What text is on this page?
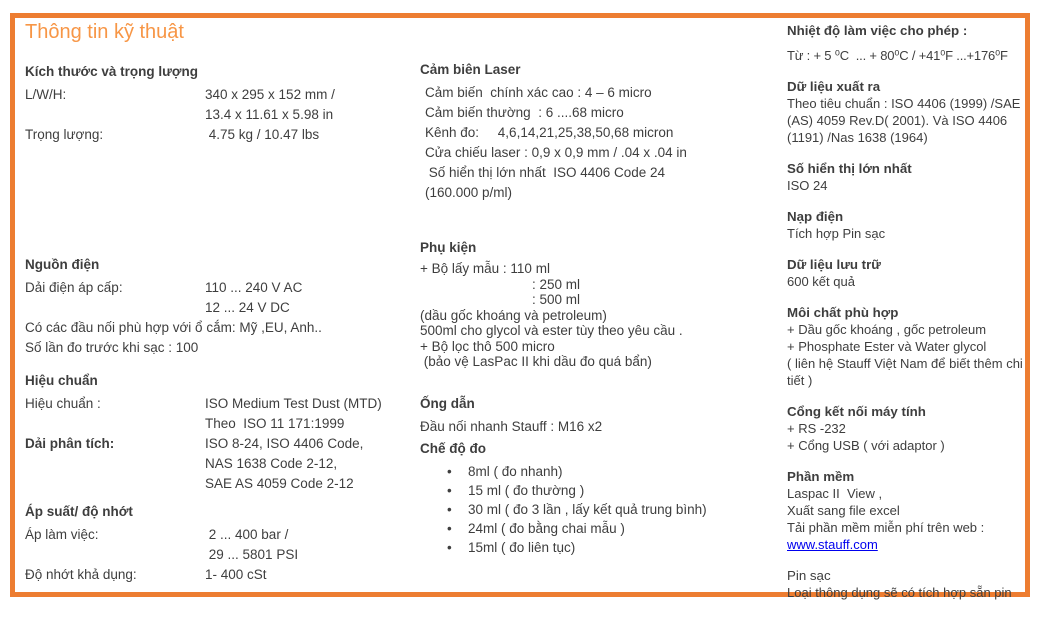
Thông tin kỹ thuật
Kích thước và trọng lượng
L/W/H:	340 x 295 x 152 mm /
13.4 x 11.61 x 5.98 in
Trọng lượng:	4.75 kg / 10.47 lbs
Nguồn điện
Dải điện áp cấp:	110 ... 240 V AC
12 ... 24 V DC
Có các đầu nối phù hợp với ổ cắm: Mỹ ,EU, Anh..
Số lần đo trước khi sạc : 100
Hiệu chuẩn
Hiệu chuẩn :	ISO Medium Test Dust (MTD)
Theo  ISO 11 171:1999
Dải phân tích:	ISO 8-24, ISO 4406 Code,
NAS 1638 Code 2-12,
SAE AS 4059 Code 2-12
Áp suất/ độ nhớt
Áp làm việc:	2 ... 400 bar /
29 ... 5801 PSI
Độ nhớt khả dụng:	1- 400 cSt
Cảm biên Laser
Cảm biến  chính xác cao : 4 – 6 micro
Cảm biến thường  : 6 ....68 micro
Kênh đo:     4,6,14,21,25,38,50,68 micron
Cửa chiếu laser : 0,9 x 0,9 mm / .04 x .04 in
Số hiển thị lớn nhất  ISO 4406 Code 24
(160.000 p/ml)
Phụ kiện
+ Bộ lấy mẫu : 110 ml
: 250 ml
: 500 ml
(dầu gốc khoáng và petroleum)
500ml cho glycol và ester tùy theo yêu cầu .
+ Bộ lọc thô 500 micro
(bảo vệ LasPac II khi dầu đo quá bẩn)
Ống dẫn
Đầu nối nhanh Stauff : M16 x2
Chế độ đo
• 8ml ( đo nhanh)
• 15 ml ( đo thường )
• 30 ml ( đo 3 lần , lấy kết quả trung bình)
• 24ml ( đo bằng chai mẫu )
• 15ml ( đo liên tục)
Nhiệt độ làm việc cho phép :
Từ : + 5 ⁰C  ... + 80⁰C / +41⁰F ...+176⁰F
Dữ liệu xuất ra
Theo tiêu chuẩn : ISO 4406 (1999) /SAE (AS) 4059 Rev.D( 2001). Và ISO 4406 (1191) /Nas 1638 (1964)
Số hiển thị lớn nhất
ISO 24
Nạp điện
Tích hợp Pin sạc
Dữ liệu lưu trữ
600 kết quả
Môi chất phù hợp
+ Dầu gốc khoáng , gốc petroleum
+ Phosphate Ester và Water glycol
( liên hệ Stauff Việt Nam để biết thêm chi tiết )
Cổng kết nối máy tính
+ RS -232
+ Cổng USB ( với adaptor )
Phần mềm
Laspac II  View ,
Xuất sang file excel
Tải phần mềm miễn phí trên web :
www.stauff.com
Pin sạc
Loại thông dụng sẽ có tích hợp sẵn pin
